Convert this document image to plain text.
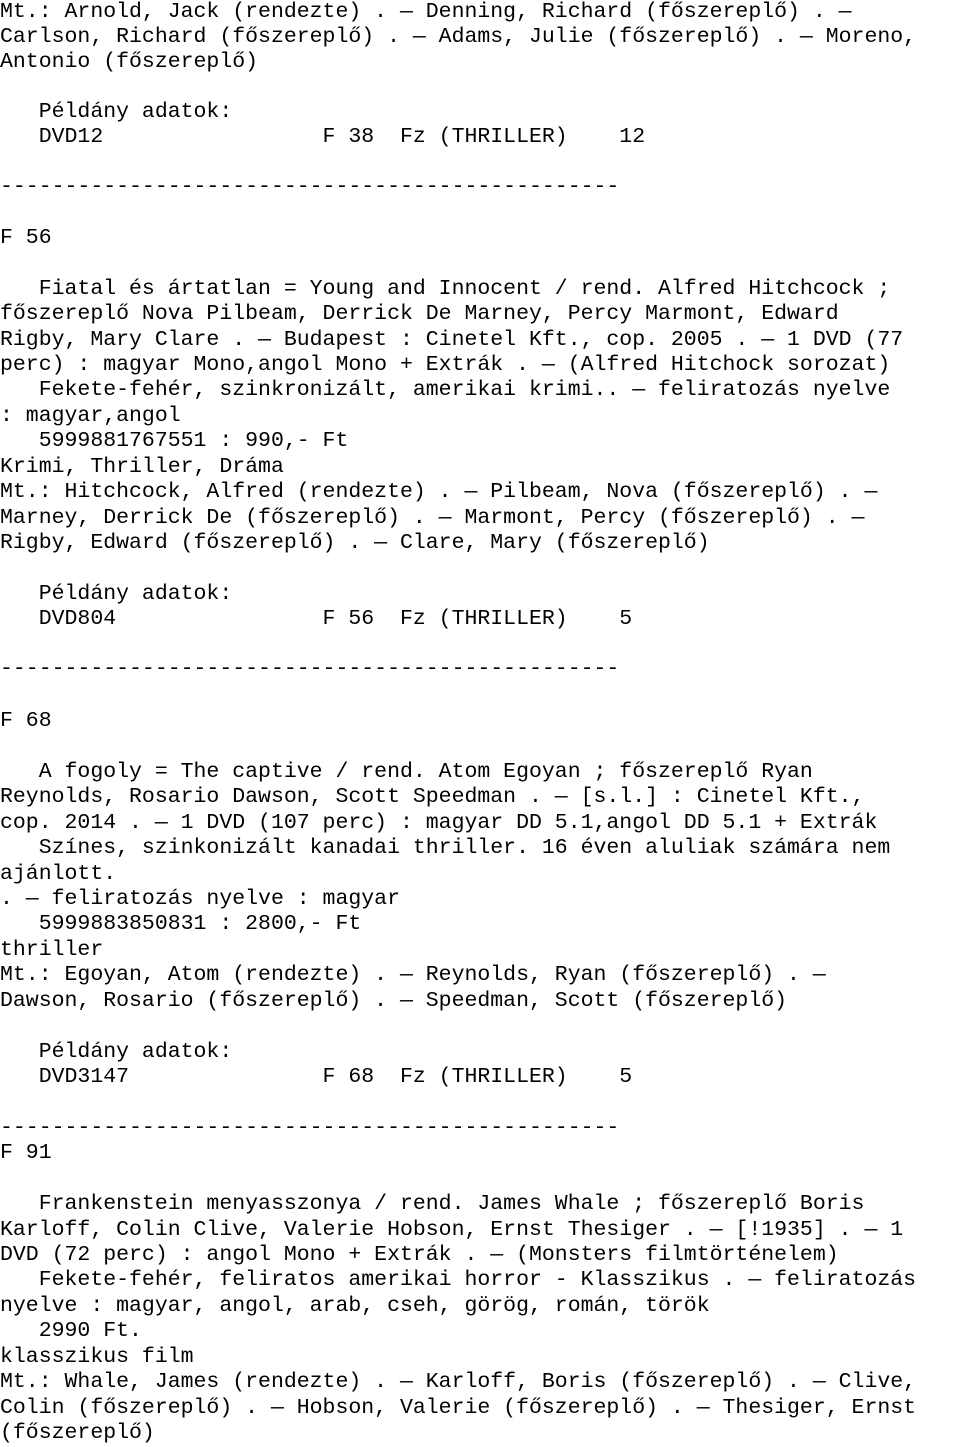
Mt.: Arnold, Jack (rendezte) . — Denning, Richard (főszereplő) . —
Carlson, Richard (főszereplő) . — Adams, Julie (főszereplő) . — Moreno,
Antonio (főszereplő)
Példány adatok:
DVD12                 F 38  Fz (THRILLER)    12
------------------------------------------------
F 56
Fiatal és ártatlan = Young and Innocent / rend. Alfred Hitchcock ;
főszereplő Nova Pilbeam, Derrick De Marney, Percy Marmont, Edward
Rigby, Mary Clare . — Budapest : Cinetel Kft., cop. 2005 . — 1 DVD (77
perc) : magyar Mono,angol Mono + Extrák . — (Alfred Hitchock sorozat)
Fekete-fehér, szinkronizált, amerikai krimi.. — feliratozás nyelve
: magyar,angol
5999881767551 : 990,- Ft
Krimi, Thriller, Dráma
Mt.: Hitchcock, Alfred (rendezte) . — Pilbeam, Nova (főszereplő) . —
Marney, Derrick De (főszereplő) . — Marmont, Percy (főszereplő) . —
Rigby, Edward (főszereplő) . — Clare, Mary (főszereplő)
Példány adatok:
DVD804                F 56  Fz (THRILLER)    5
------------------------------------------------
F 68
A fogoly = The captive / rend. Atom Egoyan ; főszereplő Ryan
Reynolds, Rosario Dawson, Scott Speedman . — [s.l.] : Cinetel Kft.,
cop. 2014 . — 1 DVD (107 perc) : magyar DD 5.1,angol DD 5.1 + Extrák
Színes, szinkonizált kanadai thriller. 16 éven aluliak számára nem
ajánlott.
. — feliratozás nyelve : magyar
5999883850831 : 2800,- Ft
thriller
Mt.: Egoyan, Atom (rendezte) . — Reynolds, Ryan (főszereplő) . —
Dawson, Rosario (főszereplő) . — Speedman, Scott (főszereplő)
Példány adatok:
DVD3147               F 68  Fz (THRILLER)    5
------------------------------------------------
F 91
Frankenstein menyasszonya / rend. James Whale ; főszereplő Boris
Karloff, Colin Clive, Valerie Hobson, Ernst Thesiger . — [!1935] . — 1
DVD (72 perc) : angol Mono + Extrák . — (Monsters filmtörténelem)
Fekete-fehér, feliratos amerikai horror - Klasszikus . — feliratozás
nyelve : magyar, angol, arab, cseh, görög, román, török
2990 Ft.
klasszikus film
Mt.: Whale, James (rendezte) . — Karloff, Boris (főszereplő) . — Clive,
Colin (főszereplő) . — Hobson, Valerie (főszereplő) . — Thesiger, Ernst
(főszereplő)
